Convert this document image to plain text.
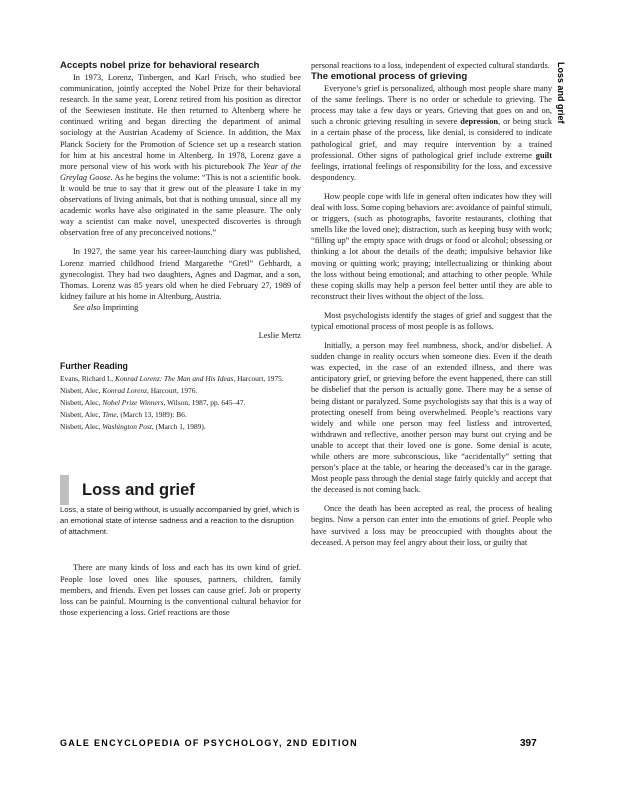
Accepts nobel prize for behavioral research

In 1973, Lorenz, Tinbergen, and Karl Frisch, who studied bee communication, jointly accepted the Nobel Prize for their behavioral research. In the same year, Lorenz retired from his position as director of the Seewiesen institute. He then returned to Altenberg where he continued writing and began directing the department of animal sociology at the Austrian Academy of Science. In addition, the Max Planck Society for the Promotion of Science set up a research station for him at his ancestral home in Altenberg. In 1978, Lorenz gave a more personal view of his work with his picturebook The Year of the Greylag Goose. As he begins the volume: “This is not a scientific book. It would be true to say that it grew out of the pleasure I take in my observations of living animals, but that is nothing unusual, since all my academic works have also originated in the same pleasure. The only way a scientist can make novel, unexpected discoveries is through observation free of any preconceived notions.”

In 1927, the same year his career-launching diary was published, Lorenz married childhood friend Margarethe “Gretl” Gebhardt, a gynecologist. They had two daughters, Agnes and Dagmar, and a son, Thomas. Lorenz was 85 years old when he died February 27, 1989 of kidney failure at his home in Altenburg, Austria.

See also Imprinting

Leslie Mertz

Further Reading

Evans, Richard I., Konrad Lorenz: The Man and His Ideas, Harcourt, 1975.

Nisbett, Alec, Konrad Lorenz, Harcourt, 1976.

Nisbett, Alec, Nobel Prize Winners, Wilson, 1987, pp. 645–47.

Nisbett, Alec, Time, (March 13, 1989): B6.

Nisbett, Alec, Washington Post, (March 1, 1989).

Loss and grief

Loss, a state of being without, is usually accompanied by grief, which is an emotional state of intense sadness and a reaction to the disruption of attachment.

There are many kinds of loss and each has its own kind of grief. People lose loved ones like spouses, partners, children, family members, and friends. Even pet losses can cause grief. Job or property loss can be painful. Mourning is the conventional cultural behavior for those experiencing a loss. Grief reactions are those

personal reactions to a loss, independent of expected cultural standards.

The emotional process of grieving

Everyone’s grief is personalized, although most people share many of the same feelings. There is no order or schedule to grieving. The process may take a few days or years. Grieving that goes on and on, such a chronic grieving resulting in severe depression, or being stuck in a certain phase of the process, like denial, is considered to indicate pathological grief, and may require intervention by a trained professional. Other signs of pathological grief include extreme guilt feelings, irrational feelings of responsibility for the loss, and excessive despondency.

How people cope with life in general often indicates how they will deal with loss. Some coping behaviors are: avoidance of painful stimuli, or triggers, (such as photographs, favorite restaurants, clothing that smells like the loved one); distraction, such as keeping busy with work; “filling up” the empty space with drugs or food or alcohol; obsessing or thinking a lot about the details of the death; impulsive behavior like moving or quitting work; praying; intellectualizing or thinking about the loss without being emotional; and attaching to other people. While these coping skills may help a person feel better until they are able to reconstruct their lives without the object of the loss.

Most psychologists identify the stages of grief and suggest that the typical emotional process of most people is as follows.

Initially, a person may feel numbness, shock, and/or disbelief. A sudden change in reality occurs when someone dies. Even if the death was expected, in the case of an extended illness, and there was anticipatory grief, or grieving before the event happened, there can still be disbelief that the person is actually gone. There may be a sense of being distant or paralyzed. Some psychologists say that this is a way of protecting oneself from being overwhelmed. People’s reactions vary widely and while one person may feel listless and introverted, withdrawn and reflective, another person may burst out crying and be unable to accept that their loved one is gone. Some denial is acute, while others are more subconscious, like “accidentally” setting that person’s place at the table, or hearing the deceased’s car in the garage. Most people pass through the denial stage fairly quickly and accept that the deceased is not coming back.

Once the death has been accepted as real, the process of healing begins. Now a person can enter into the emotions of grief. People who have survived a loss may be preoccupied with thoughts about the deceased. A person may feel angry about their loss, or guilty that

Loss and grief
GALE ENCYCLOPEDIA OF PSYCHOLOGY, 2ND EDITION	397
